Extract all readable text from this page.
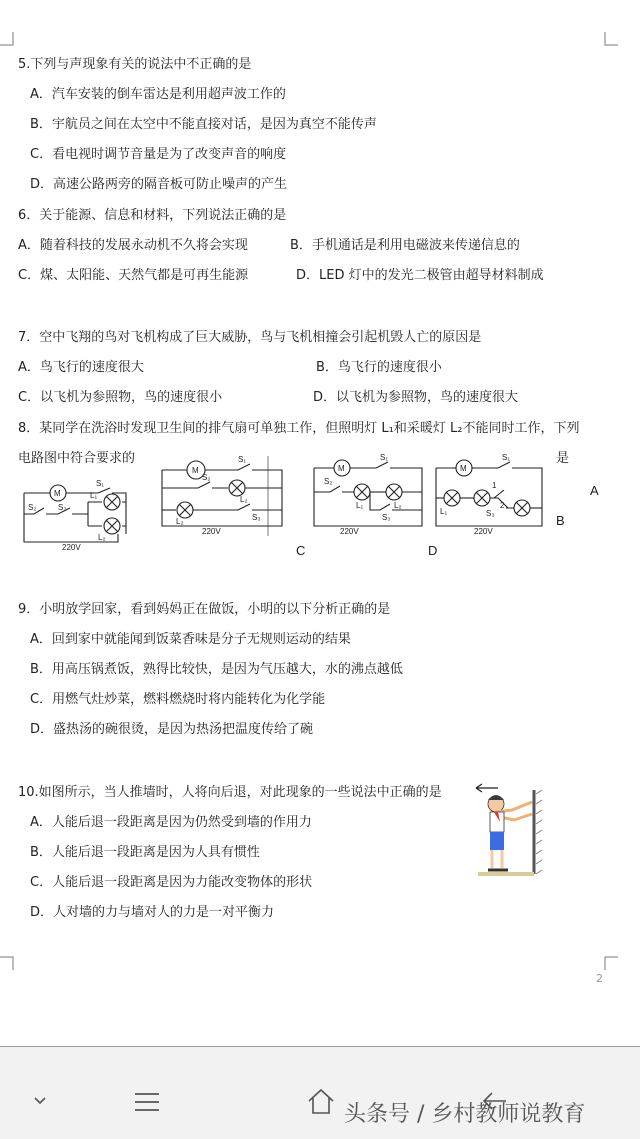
5.下列与声现象有关的说法中不正确的是
A．汽车安装的倒车雷达是利用超声波工作的
B．宇航员之间在太空中不能直接对话，是因为真空不能传声
C．看电视时调节音量是为了改变声音的响度
D．高速公路两旁的隔音板可防止噪声的产生
6．关于能源、信息和材料，下列说法正确的是
A．随着科技的发展永动机不久将会实现	B．手机通话是利用电磁波来传递信息的
C．煤、太阳能、天然气都是可再生能源	D．LED 灯中的发光二极管由超导材料制成
7．空中飞翔的鸟对飞机构成了巨大威胁，鸟与飞机相撞会引起机毁人亡的原因是
A．鸟飞行的速度很大	B．鸟飞行的速度很小
C．以飞机为参照物，鸟的速度很小	D．以飞机为参照物，鸟的速度很大
8．某同学在洗浴时发现卫生间的排气扇可单独工作，但照明灯 L₁和采暖灯 L₂不能同时工作，下列
电路图中符合要求的	是
A
B
C	D
M
S₁
S₂	S₃
L₁
L₂
220V
M
S₁
S₂
L₂
L₂	S₃
220V
M
S₁
S₂
L₁	L₂
S₃
220V
M
S₁
1
2
L₁	S₃
220V
9．小明放学回家，看到妈妈正在做饭，小明的以下分析正确的是
A．回到家中就能闻到饭菜香味是分子无规则运动的结果
B．用高压锅煮饭，熟得比较快，是因为气压越大，水的沸点越低
C．用燃气灶炒菜，燃料燃烧时将内能转化为化学能
D．盛热汤的碗很烫，是因为热汤把温度传给了碗
10.如图所示，当人推墙时，人将向后退，对此现象的一些说法中正确的是
A．人能后退一段距离是因为仍然受到墙的作用力
B．人能后退一段距离是因为人具有惯性
C．人能后退一段距离是因为力能改变物体的形状
D．人对墙的力与墙对人的力是一对平衡力
2
头条号 / 乡村教师说教育
